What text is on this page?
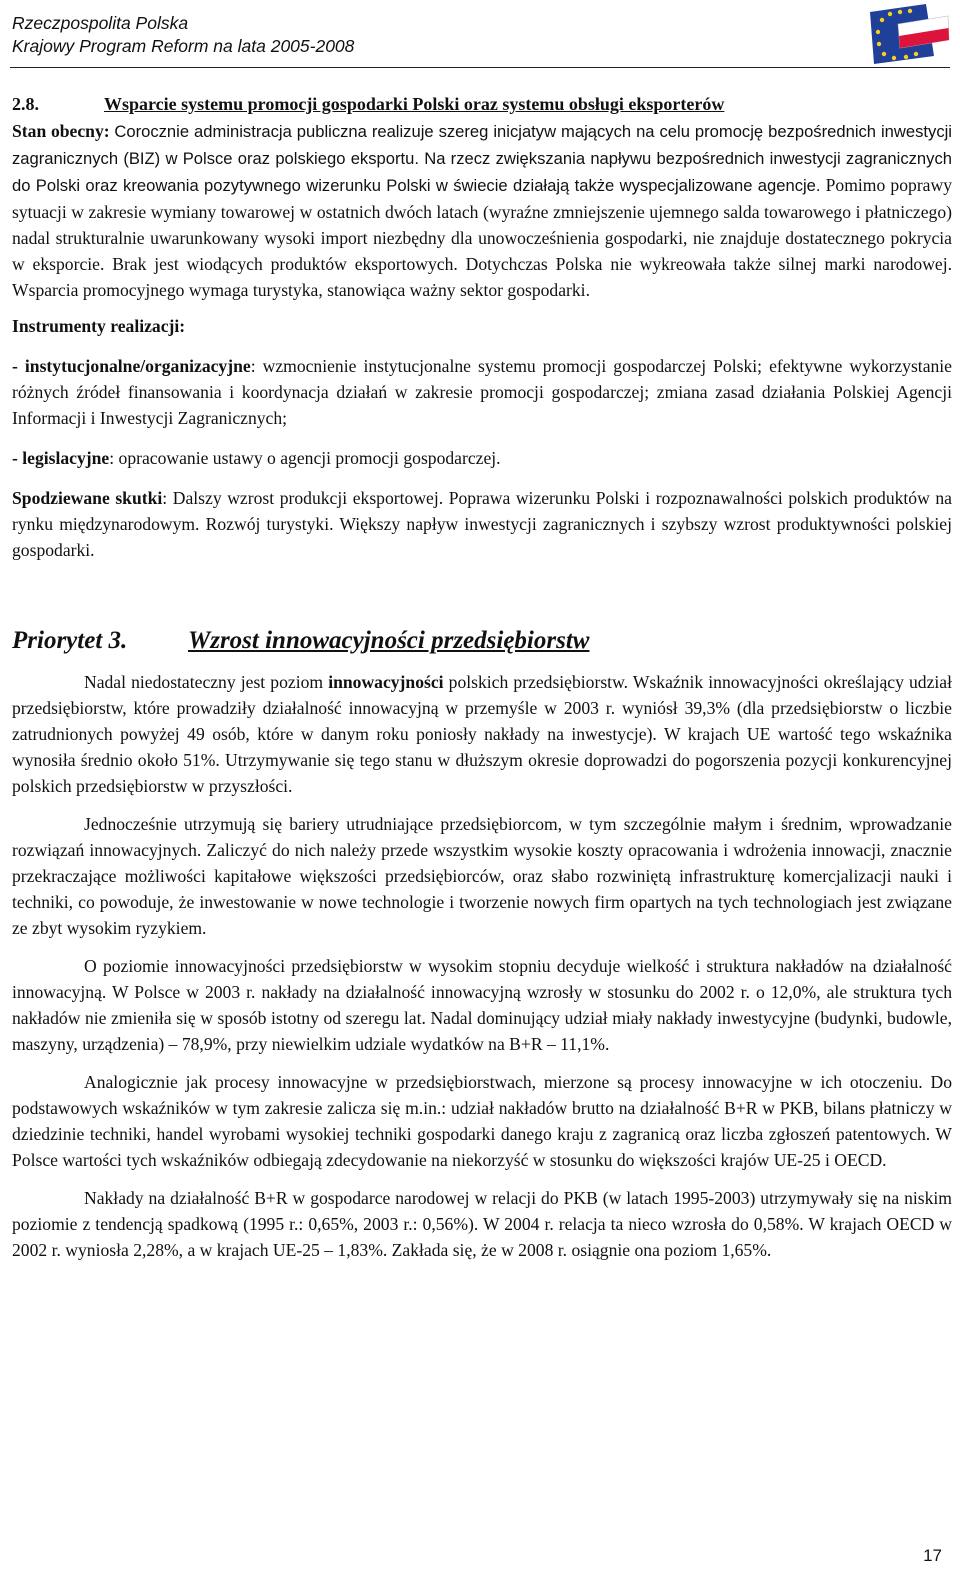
Rzeczpospolita Polska
Krajowy Program Reform na lata 2005-2008

2.8.	Wsparcie systemu promocji gospodarki Polski oraz systemu obsługi eksporterów

Stan obecny: Corocznie administracja publiczna realizuje szereg inicjatyw mających na celu promocję bezpośrednich inwestycji zagranicznych (BIZ) w Polsce oraz polskiego eksportu. Na rzecz zwiększania napływu bezpośrednich inwestycji zagranicznych do Polski oraz kreowania pozytywnego wizerunku Polski w świecie działają także wyspecjalizowane agencje. Pomimo poprawy sytuacji w zakresie wymiany towarowej w ostatnich dwóch latach (wyraźne zmniejszenie ujemnego salda towarowego i płatniczego) nadal strukturalnie uwarunkowany wysoki import niezbędny dla unowocześnienia gospodarki, nie znajduje dostatecznego pokrycia w eksporcie. Brak jest wiodących produktów eksportowych. Dotychczas Polska nie wykreowała także silnej marki narodowej. Wsparcia promocyjnego wymaga turystyka, stanowiąca ważny sektor gospodarki.

Instrumenty realizacji:

- instytucjonalne/organizacyjne: wzmocnienie instytucjonalne systemu promocji gospodarczej Polski; efektywne wykorzystanie różnych źródeł finansowania i koordynacja działań w zakresie promocji gospodarczej; zmiana zasad działania Polskiej Agencji Informacji i Inwestycji Zagranicznych;

- legislacyjne: opracowanie ustawy o agencji promocji gospodarczej.

Spodziewane skutki: Dalszy wzrost produkcji eksportowej. Poprawa wizerunku Polski i rozpoznawalności polskich produktów na rynku międzynarodowym. Rozwój turystyki. Większy napływ inwestycji zagranicznych i szybszy wzrost produktywności polskiej gospodarki.

Priorytet 3. Wzrost innowacyjności przedsiębiorstw

Nadal niedostateczny jest poziom innowacyjności polskich przedsiębiorstw. Wskaźnik innowacyjności określający udział przedsiębiorstw, które prowadziły działalność innowacyjną w przemyśle w 2003 r. wyniósł 39,3% (dla przedsiębiorstw o liczbie zatrudnionych powyżej 49 osób, które w danym roku poniosły nakłady na inwestycje). W krajach UE wartość tego wskaźnika wynosiła średnio około 51%. Utrzymywanie się tego stanu w dłuższym okresie doprowadzi do pogorszenia pozycji konkurencyjnej polskich przedsiębiorstw w przyszłości.

Jednocześnie utrzymują się bariery utrudniające przedsiębiorcom, w tym szczególnie małym i średnim, wprowadzanie rozwiązań innowacyjnych. Zaliczyć do nich należy przede wszystkim wysokie koszty opracowania i wdrożenia innowacji, znacznie przekraczające możliwości kapitałowe większości przedsiębiorców, oraz słabo rozwiniętą infrastrukturę komercjalizacji nauki i techniki, co powoduje, że inwestowanie w nowe technologie i tworzenie nowych firm opartych na tych technologiach jest związane ze zbyt wysokim ryzykiem.

O poziomie innowacyjności przedsiębiorstw w wysokim stopniu decyduje wielkość i struktura nakładów na działalność innowacyjną. W Polsce w 2003 r. nakłady na działalność innowacyjną wzrosły w stosunku do 2002 r. o 12,0%, ale struktura tych nakładów nie zmieniła się w sposób istotny od szeregu lat. Nadal dominujący udział miały nakłady inwestycyjne (budynki, budowle, maszyny, urządzenia) – 78,9%, przy niewielkim udziale wydatków na B+R – 11,1%.

Analogicznie jak procesy innowacyjne w przedsiębiorstwach, mierzone są procesy innowacyjne w ich otoczeniu. Do podstawowych wskaźników w tym zakresie zalicza się m.in.: udział nakładów brutto na działalność B+R w PKB, bilans płatniczy w dziedzinie techniki, handel wyrobami wysokiej techniki gospodarki danego kraju z zagranicą oraz liczba zgłoszeń patentowych. W Polsce wartości tych wskaźników odbiegają zdecydowanie na niekorzyść w stosunku do większości krajów UE-25 i OECD.

Nakłady na działalność B+R w gospodarce narodowej w relacji do PKB (w latach 1995-2003) utrzymywały się na niskim poziomie z tendencją spadkową (1995 r.: 0,65%, 2003 r.: 0,56%). W 2004 r. relacja ta nieco wzrosła do 0,58%. W krajach OECD w 2002 r. wyniosła 2,28%, a w krajach UE-25 – 1,83%. Zakłada się, że w 2008 r. osiągnie ona poziom 1,65%.

17
